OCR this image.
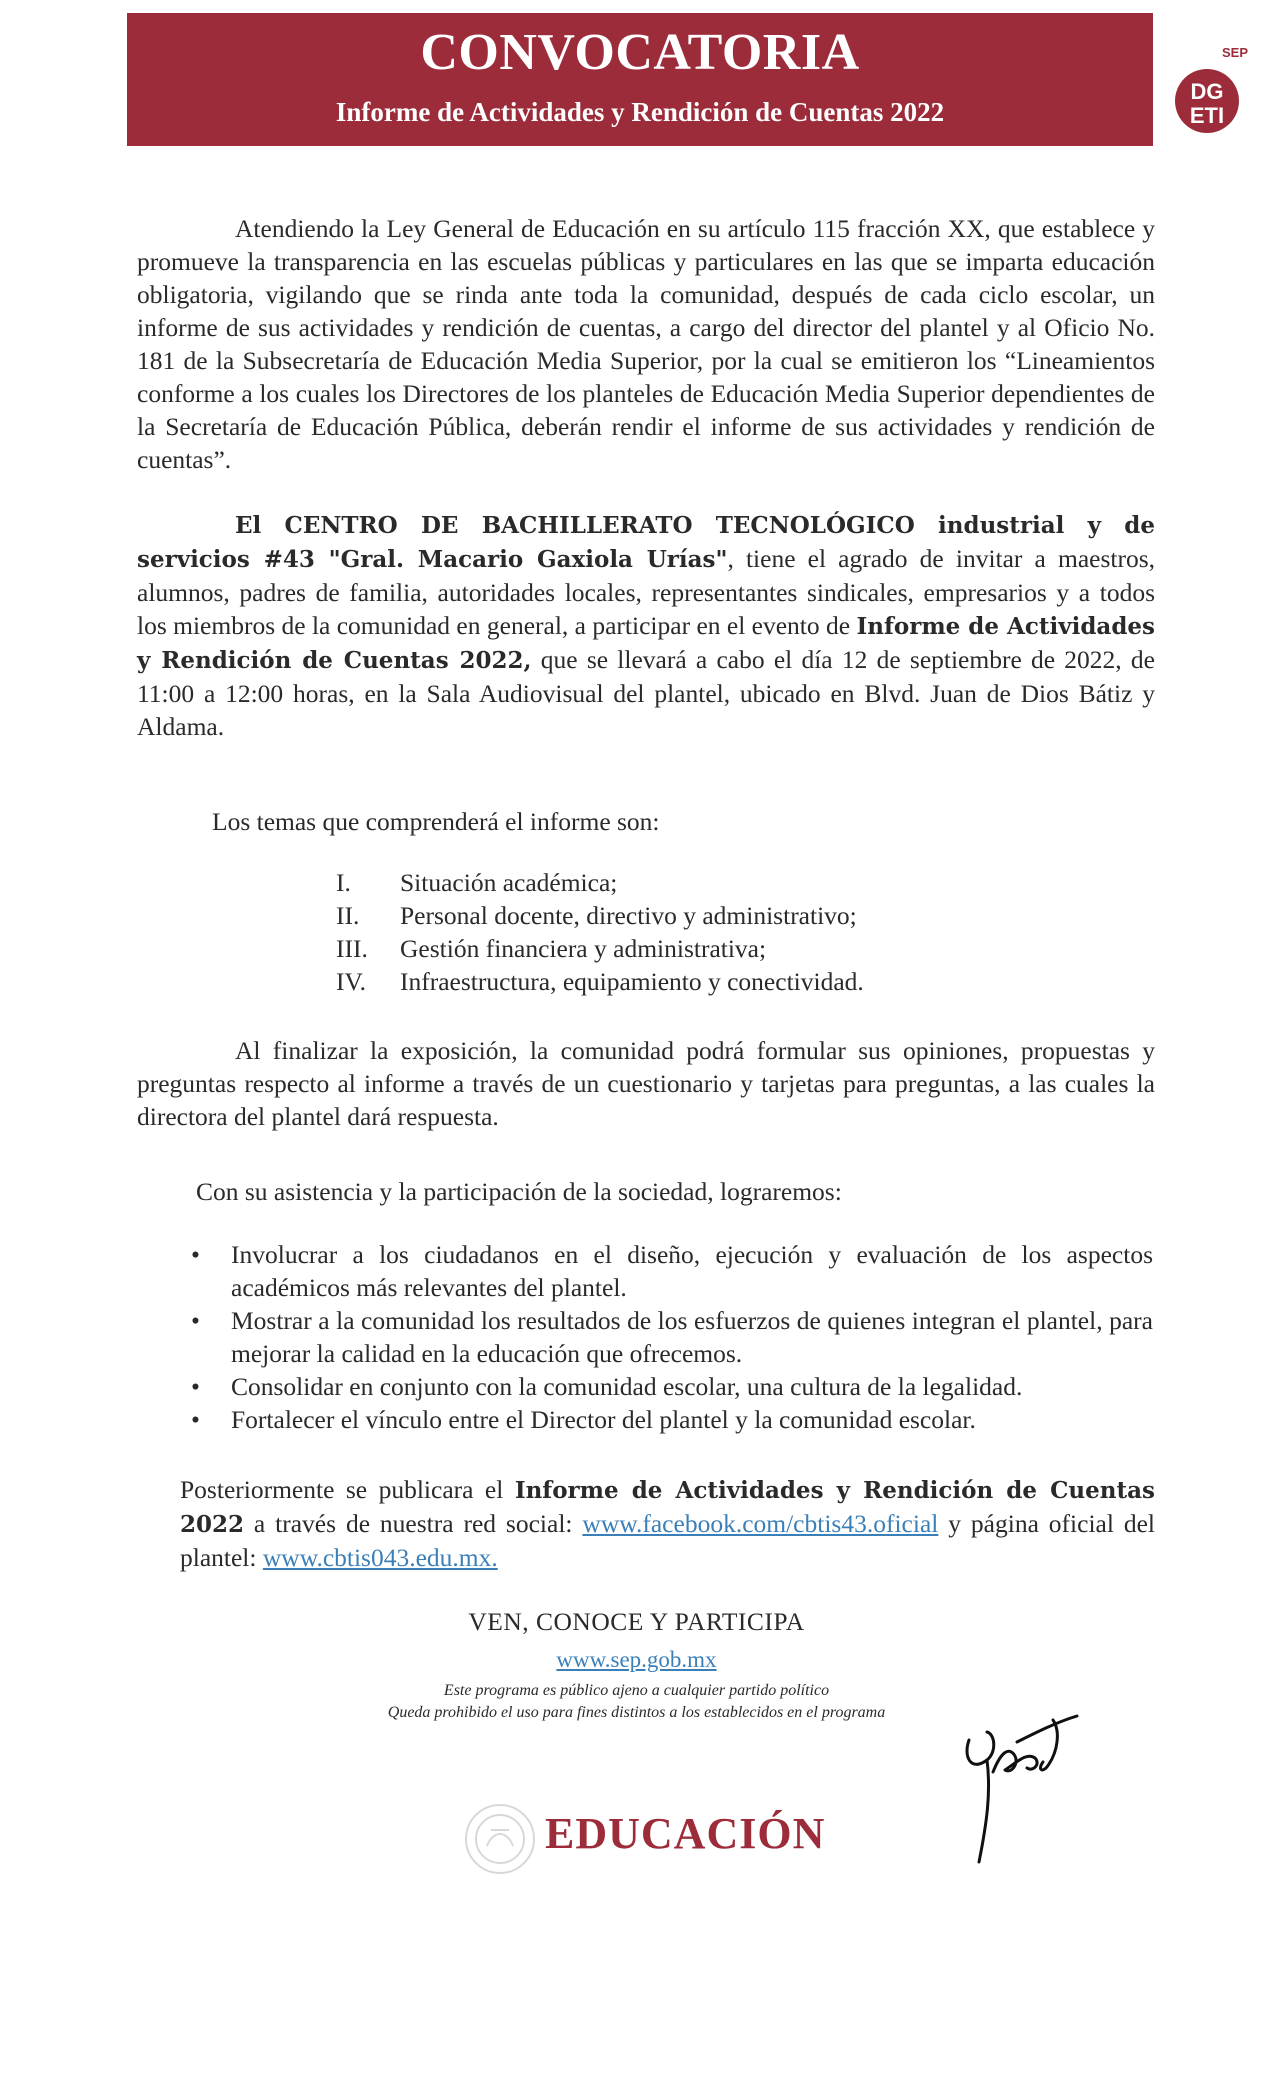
CONVOCATORIA
Informe de Actividades y Rendición de Cuentas 2022
SEP
DG
ETI

Atendiendo la Ley General de Educación en su artículo 115 fracción XX, que establece y promueve la transparencia en las escuelas públicas y particulares en las que se imparta educación obligatoria, vigilando que se rinda ante toda la comunidad, después de cada ciclo escolar, un informe de sus actividades y rendición de cuentas, a cargo del director del plantel y al Oficio No. 181 de la Subsecretaría de Educación Media Superior, por la cual se emitieron los “Lineamientos conforme a los cuales los Directores de los planteles de Educación Media Superior dependientes de la Secretaría de Educación Pública, deberán rendir el informe de sus actividades y rendición de cuentas”.

El CENTRO DE BACHILLERATO TECNOLÓGICO industrial y de servicios #43 "Gral. Macario Gaxiola Urías", tiene el agrado de invitar a maestros, alumnos, padres de familia, autoridades locales, representantes sindicales, empresarios y a todos los miembros de la comunidad en general, a participar en el evento de Informe de Actividades y Rendición de Cuentas 2022, que se llevará a cabo el día 12 de septiembre de 2022, de 11:00 a 12:00 horas, en la Sala Audiovisual del plantel, ubicado en Blvd. Juan de Dios Bátiz y Aldama.

Los temas que comprenderá el informe son:

I. Situación académica;
II. Personal docente, directivo y administrativo;
III. Gestión financiera y administrativa;
IV. Infraestructura, equipamiento y conectividad.

Al finalizar la exposición, la comunidad podrá formular sus opiniones, propuestas y preguntas respecto al informe a través de un cuestionario y tarjetas para preguntas, a las cuales la directora del plantel dará respuesta.

Con su asistencia y la participación de la sociedad, lograremos:

• Involucrar a los ciudadanos en el diseño, ejecución y evaluación de los aspectos académicos más relevantes del plantel.
• Mostrar a la comunidad los resultados de los esfuerzos de quienes integran el plantel, para mejorar la calidad en la educación que ofrecemos.
• Consolidar en conjunto con la comunidad escolar, una cultura de la legalidad.
• Fortalecer el vínculo entre el Director del plantel y la comunidad escolar.

Posteriormente se publicara el Informe de Actividades y Rendición de Cuentas 2022 a través de nuestra red social: www.facebook.com/cbtis43.oficial y página oficial del plantel: www.cbtis043.edu.mx.

VEN, CONOCE Y PARTICIPA

www.sep.gob.mx

Este programa es público ajeno a cualquier partido político

Queda prohibido el uso para fines distintos a los establecidos en el programa

EDUCACIÓN
